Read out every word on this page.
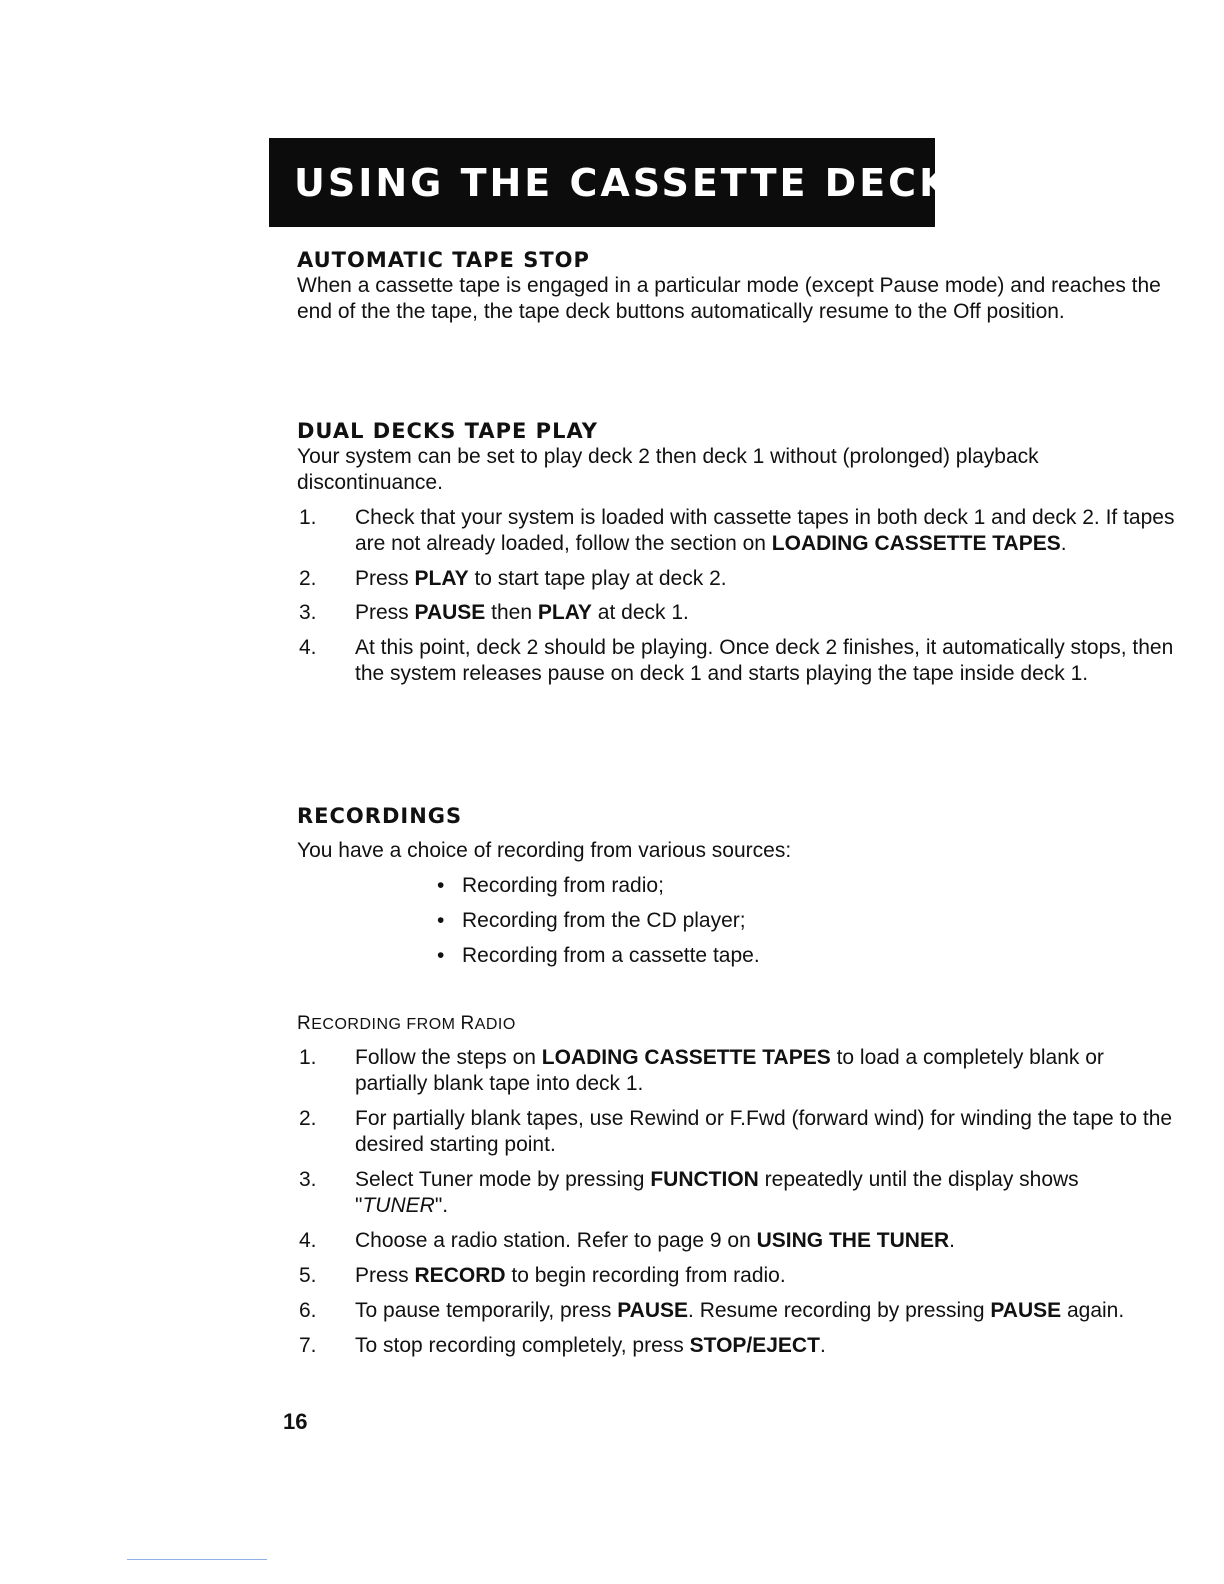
USING THE CASSETTE DECKS
AUTOMATIC TAPE STOP

When a cassette tape is engaged in a particular mode (except Pause mode) and reaches the end of the the tape, the tape deck buttons automatically resume to the Off position.

DUAL DECKS TAPE PLAY

Your system can be set to play deck 2 then deck 1 without (prolonged) playback discontinuance.

1. Check that your system is loaded with cassette tapes in both deck 1 and deck 2. If tapes are not already loaded, follow the section on LOADING CASSETTE TAPES.
2. Press PLAY to start tape play at deck 2.
3. Press PAUSE then PLAY at deck 1.
4. At this point, deck 2 should be playing. Once deck 2 finishes, it automatically stops, then the system releases pause on deck 1 and starts playing the tape inside deck 1.
RECORDINGS

You have a choice of recording from various sources:

• Recording from radio;
• Recording from the CD player;
• Recording from a cassette tape.
RECORDING FROM RADIO
1. Follow the steps on LOADING CASSETTE TAPES to load a completely blank or partially blank tape into deck 1.
2. For partially blank tapes, use Rewind or F.Fwd (forward wind) for winding the tape to the desired starting point.
3. Select Tuner mode by pressing FUNCTION repeatedly until the display shows "TUNER".
4. Choose a radio station. Refer to page 9 on USING THE TUNER.
5. Press RECORD to begin recording from radio.
6. To pause temporarily, press PAUSE. Resume recording by pressing PAUSE again.
7. To stop recording completely, press STOP/EJECT.
16
